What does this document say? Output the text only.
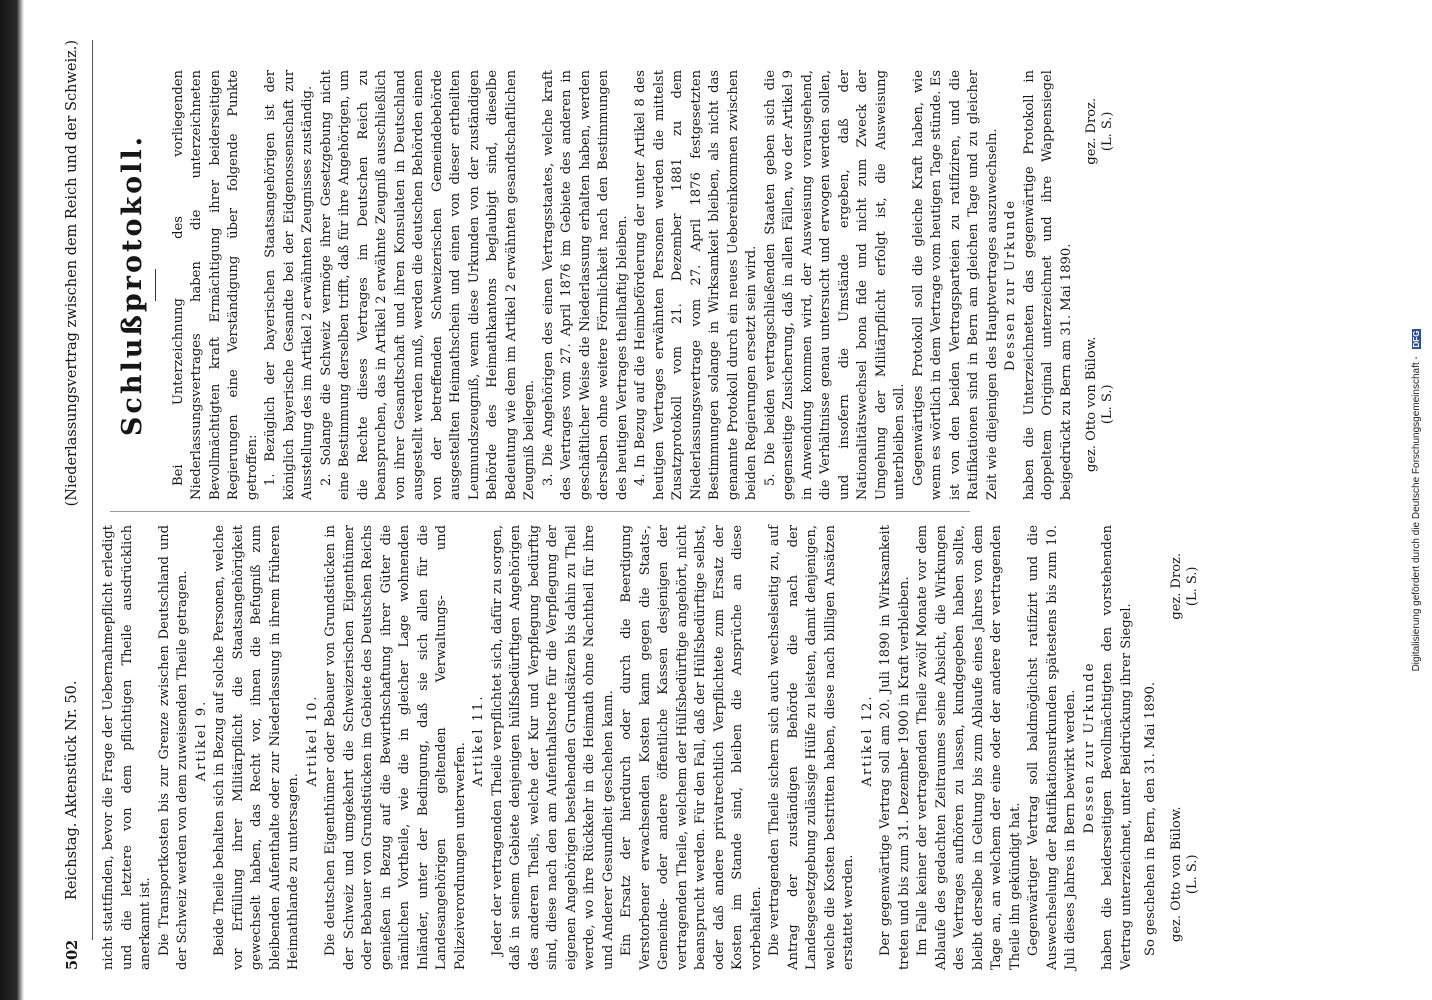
Digitalisierung gefördert durch die Deutsche Forschungsgemeinschaft - DFG
502
Reichstag. Aktenstück Nr. 50.
(Niederlassungsvertrag zwischen dem Reich und der Schweiz.)

nicht stattfinden, bevor die Frage der Uebernahmepflicht erledigt und die letztere von dem pflichtigen Theile ausdrücklich anerkannt ist. Die Transportkosten bis zur Grenze zwischen Deutschland und der Schweiz werden von dem zuweisenden Theile getragen. Artikel 9. Beide Theile behalten sich in Bezug auf solche Personen, welche vor Erfüllung ihrer Militärpflicht die Staatsangehörigkeit gewechselt haben, das Recht vor, ihnen die Befugniß zum bleibenden Aufenthalte oder zur Niederlassung in ihrem früheren Heimathlande zu untersagen.

Artikel 10. Die deutschen Eigenthümer oder Bebauer von Grundstücken in der Schweiz und umgekehrt die Schweizerischen Eigenthümer oder Bebauer von Grundstücken im Gebiete des Deutschen Reichs genießen in Bezug auf die Bewirthschaftung ihrer Güter die nämlichen Vortheile, wie die in gleicher Lage wohnenden Inländer, unter der Bedingung, daß sie sich allen für die Landesangehörigen geltenden Verwaltungs- und Polizeiverordnungen unterwerfen.

Artikel 11. Jeder der vertragenden Theile verpflichtet sich, dafür zu sorgen, daß in seinem Gebiete denjenigen hülfsbedürftigen Angehörigen des anderen Theils, welche der Kur und Verpflegung bedürftig sind, diese nach den am Aufenthaltsorte für die Verpflegung der eigenen Angehörigen bestehenden Grundsätzen bis dahin zu Theil werde, wo ihre Rückkehr in die Heimath ohne Nachtheil für ihre und Anderer Gesundheit geschehen kann. Ein Ersatz der hierdurch oder durch die Beerdigung Verstorbener erwachsenden Kosten kann gegen die Staats-, Gemeinde- oder andere öffentliche Kassen desjenigen der vertragenden Theile, welchem der Hülfsbedürftige angehört, nicht beansprucht werden. Für den Fall, daß der Hülfsbedürftige selbst, oder daß andere privatrechtlich Verpflichtete zum Ersatz der Kosten im Stande sind, bleiben die Ansprüche an diese vorbehalten. Die vertragenden Theile sichern sich auch wechselseitig zu, auf Antrag der zuständigen Behörde die nach der Landesgesetzgebung zulässige Hülfe zu leisten, damit denjenigen, welche die Kosten bestritten haben, diese nach billigen Ansätzen erstattet werden.

Artikel 12. Der gegenwärtige Vertrag soll am 20. Juli 1890 in Wirksamkeit treten und bis zum 31. Dezember 1900 in Kraft verbleiben. Im Falle keiner der vertragenden Theile zwölf Monate vor dem Ablaufe des gedachten Zeitraumes seine Absicht, die Wirkungen des Vertrages aufhören zu lassen, kundgegeben haben sollte, bleibt derselbe in Geltung bis zum Ablaufe eines Jahres von dem Tage an, an welchem der eine oder der andere der vertragenden Theile ihn gekündigt hat. Gegenwärtiger Vertrag soll baldmöglichst ratifizirt und die Auswechselung der Ratifikationsurkunden spätestens bis zum 10. Juli dieses Jahres in Bern bewirkt werden. Dessen zur Urkunde haben die beiderseitigen Bevollmächtigten den vorstehenden Vertrag unterzeichnet, unter Beidrückung ihrer Siegel. So geschehen in Bern, den 31. Mai 1890. gez. Otto von Bülow. (L. S.)
gez. Droz. (L. S.)
Schlußprotokoll. Bei Unterzeichnung des vorliegenden Niederlassungsvertrages haben die unterzeichneten Bevollmächtigten kraft Ermächtigung ihrer beiderseitigen Regierungen eine Verständigung über folgende Punkte getroffen: 1. Bezüglich der bayerischen Staatsangehörigen ist der königlich bayerische Gesandte bei der Eidgenossenschaft zur Ausstellung des im Artikel 2 erwähnten Zeugnisses zuständig. 2. Solange die Schweiz vermöge ihrer Gesetzgebung nicht eine Bestimmung derselben trifft, daß für ihre Angehörigen, um die Rechte dieses Vertrages im Deutschen Reich zu beanspruchen, das in Artikel 2 erwähnte Zeugniß ausschließlich von ihrer Gesandtschaft und ihren Konsulaten in Deutschland ausgestellt werden muß, werden die deutschen Behörden einen von der betreffenden Schweizerischen Gemeindebehörde ausgestellten Heimathschein und einen von dieser ertheilten Leumundszeugniß, wenn diese Urkunden von der zuständigen Behörde des Heimathkantons beglaubigt sind, dieselbe Bedeutung wie dem im Artikel 2 erwähnten gesandtschaftlichen Zeugniß beilegen. 3. Die Angehörigen des einen Vertragsstaates, welche kraft des Vertrages vom 27. April 1876 im Gebiete des anderen in geschäftlicher Weise die Niederlassung erhalten haben, werden derselben ohne weitere Förmlichkeit nach den Bestimmungen des heutigen Vertrages theilhaftig bleiben. 4. In Bezug auf die Heimbeförderung der unter Artikel 8 des heutigen Vertrages erwähnten Personen werden die mittelst Zusatzprotokoll vom 21. Dezember 1881 zu dem Niederlassungsvertrage vom 27. April 1876 festgesetzten Bestimmungen solange in Wirksamkeit bleiben, als nicht das genannte Protokoll durch ein neues Uebereinkommen zwischen beiden Regierungen ersetzt sein wird. 5. Die beiden vertragschließenden Staaten geben sich die gegenseitige Zusicherung, daß in allen Fällen, wo der Artikel 9 in Anwendung kommen wird, der Ausweisung vorausgehend, die Verhältnisse genau untersucht und erwogen werden sollen, und insofern die Umstände ergeben, daß der Nationalitätswechsel bona fide und nicht zum Zweck der Umgehung der Militärpflicht erfolgt ist, die Ausweisung unterbleiben soll. Gegenwärtiges Protokoll soll die gleiche Kraft haben, wie wenn es wörtlich in dem Vertrage vom heutigen Tage stünde. Es ist von den beiden Vertragsparteien zu ratifiziren, und die Ratifikationen sind in Bern am gleichen Tage und zu gleicher Zeit wie diejenigen des Hauptvertrages auszuwechseln. Dessen zur Urkunde haben die Unterzeichneten das gegenwärtige Protokoll in doppeltem Original unterzeichnet und ihre Wappensiegel beigedrückt zu Bern am 31. Mai 1890. gez. Otto von Bülow. (L. S.)
gez. Droz. (L. S.)
